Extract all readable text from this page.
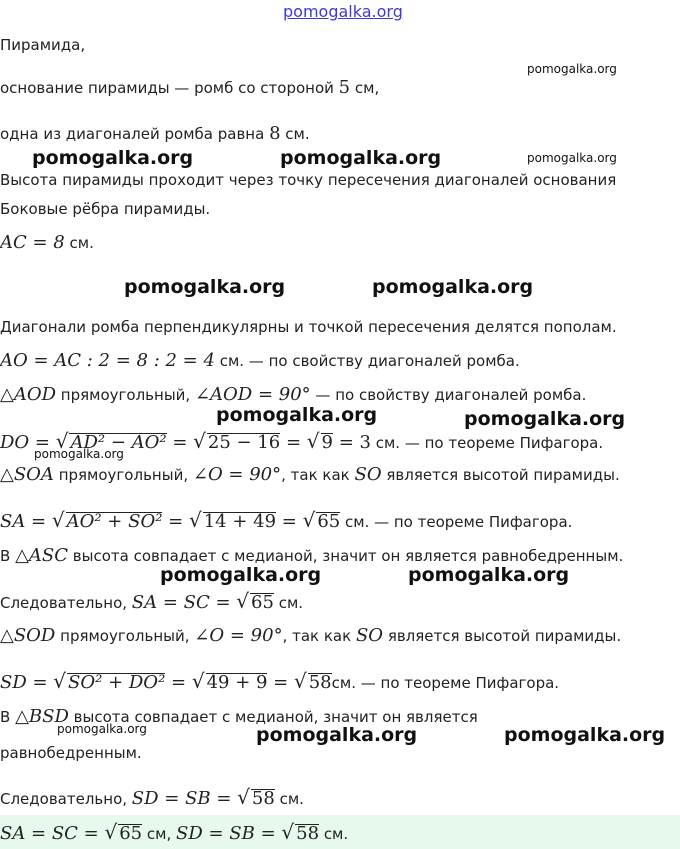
pomogalka.org
pomogalka.org
pomogalka.org	pomogalka.org	pomogalka.org
pomogalka.org	pomogalka.org
pomogalka.org	pomogalka.org
pomogalka.org
pomogalka.org	pomogalka.org
pomogalka.org	pomogalka.org	pomogalka.org
Пирамида,
основание пирамиды — ромб со стороной 5 см,
одна из диагоналей ромба равна 8 см.
Высота пирамиды проходит через точку пересечения диагоналей основания
Боковые рёбра пирамиды.
AC = 8 см.
Диагонали ромба перпендикулярны и точкой пересечения делятся пополам.
AO = AC : 2 = 8 : 2 = 4 см. — по свойству диагоналей ромба.
△AOD прямоугольный, ∠AOD = 90° — по свойству диагоналей ромба.
DO = √ AD² − AO² = √ 25 − 16 = √ 9 = 3 см. — по теореме Пифагора.
△SOA прямоугольный, ∠O = 90°, так как SO является высотой пирамиды.
SA = √ AO² + SO² = √ 14 + 49 = √ 65 см. — по теореме Пифагора.
В △ASC высота совпадает с медианой, значит он является равнобедренным.
Следовательно, SA = SC = √ 65 см.
△SOD прямоугольный, ∠O = 90°, так как SO является высотой пирамиды.
SD = √ SO² + DO² = √ 49 + 9 = √ 58см. — по теореме Пифагора.
В △BSD высота совпадает с медианой, значит он является
равнобедренным.
Следовательно, SD = SB = √ 58 см.
SA = SC = √ 65 см, SD = SB = √ 58 см.
